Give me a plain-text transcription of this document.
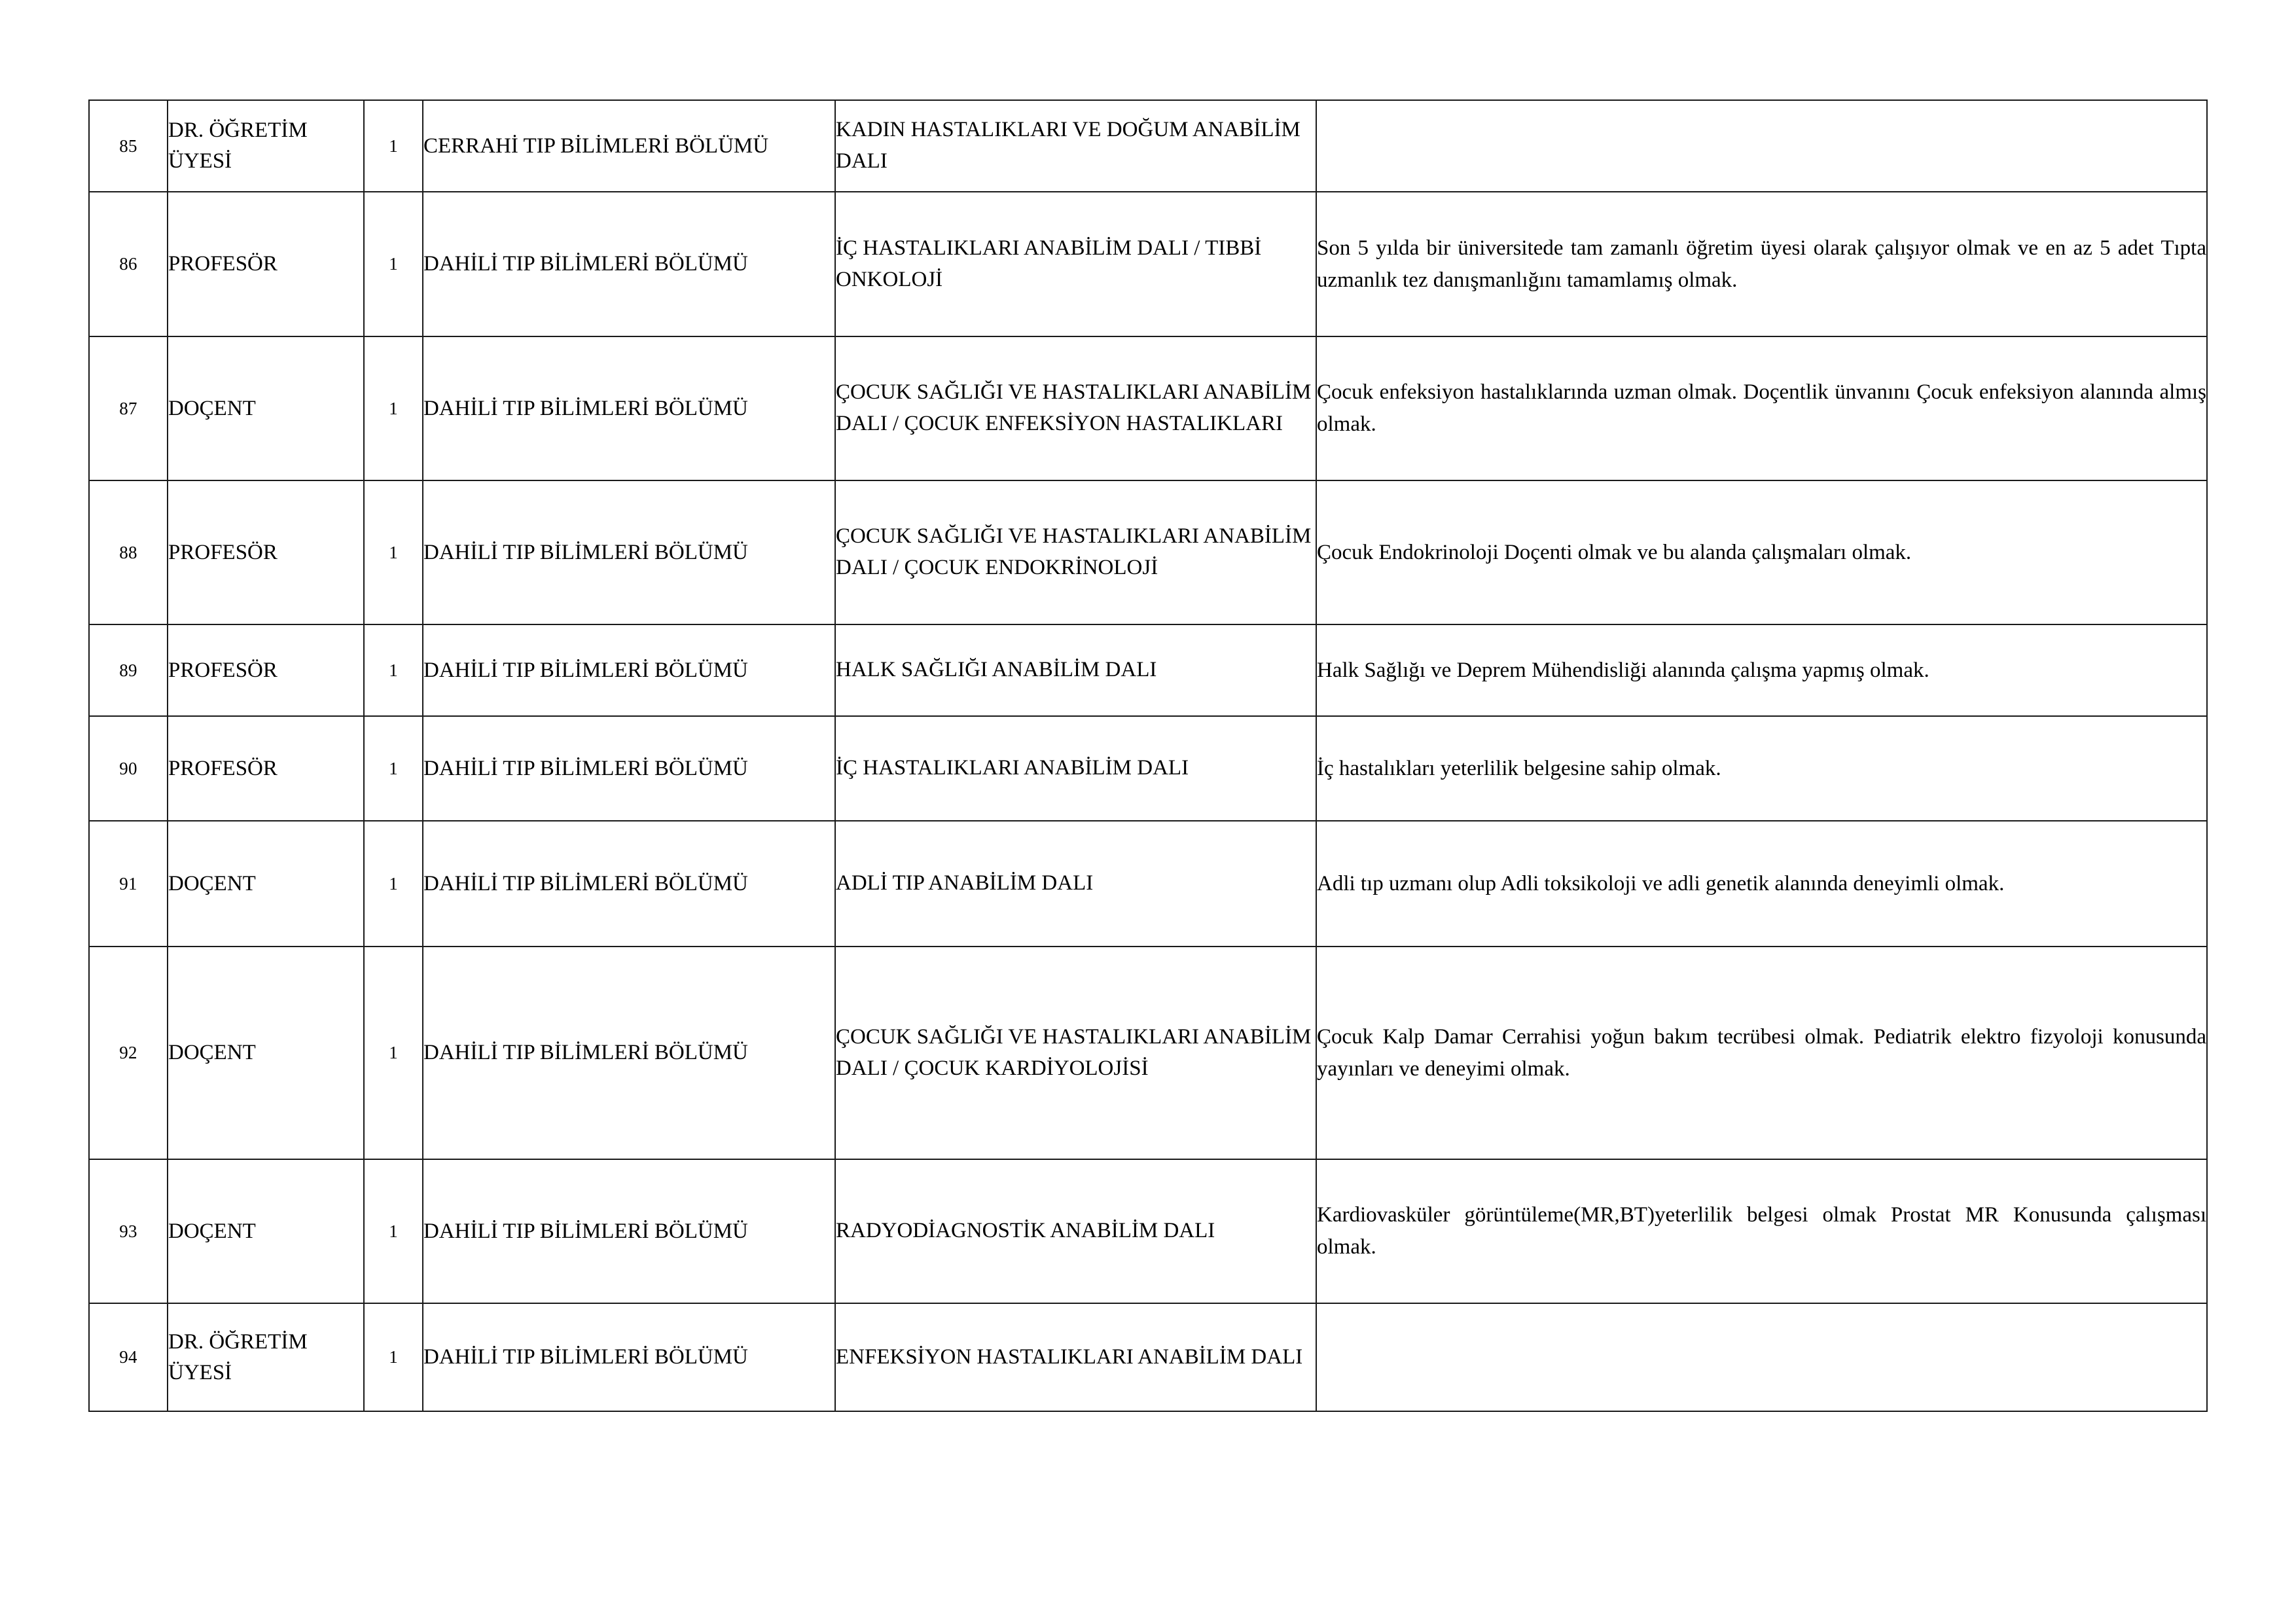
85	DR. ÖĞRETİM ÜYESİ	1	CERRAHİ TIP BİLİMLERİ BÖLÜMÜ	KADIN HASTALIKLARI VE DOĞUM ANABİLİM DALI	
86	PROFESÖR	1	DAHİLİ TIP BİLİMLERİ BÖLÜMÜ	İÇ HASTALIKLARI ANABİLİM DALI / TIBBİ ONKOLOJİ	Son 5 yılda bir üniversitede tam zamanlı öğretim üyesi olarak çalışıyor olmak ve en az 5 adet Tıpta uzmanlık tez danışmanlığını tamamlamış olmak.
87	DOÇENT	1	DAHİLİ TIP BİLİMLERİ BÖLÜMÜ	ÇOCUK SAĞLIĞI VE HASTALIKLARI ANABİLİM DALI / ÇOCUK ENFEKSİYON HASTALIKLARI	Çocuk enfeksiyon hastalıklarında uzman olmak. Doçentlik ünvanını Çocuk enfeksiyon alanında almış olmak.
88	PROFESÖR	1	DAHİLİ TIP BİLİMLERİ BÖLÜMÜ	ÇOCUK SAĞLIĞI VE HASTALIKLARI ANABİLİM DALI / ÇOCUK ENDOKRİNOLOJİ	Çocuk Endokrinoloji Doçenti olmak ve bu alanda çalışmaları olmak.
89	PROFESÖR	1	DAHİLİ TIP BİLİMLERİ BÖLÜMÜ	HALK SAĞLIĞI ANABİLİM DALI	Halk Sağlığı ve Deprem Mühendisliği alanında çalışma yapmış olmak.
90	PROFESÖR	1	DAHİLİ TIP BİLİMLERİ BÖLÜMÜ	İÇ HASTALIKLARI ANABİLİM DALI	İç hastalıkları yeterlilik belgesine sahip olmak.
91	DOÇENT	1	DAHİLİ TIP BİLİMLERİ BÖLÜMÜ	ADLİ TIP ANABİLİM DALI	Adli tıp uzmanı olup Adli toksikoloji ve adli genetik alanında deneyimli olmak.
92	DOÇENT	1	DAHİLİ TIP BİLİMLERİ BÖLÜMÜ	ÇOCUK SAĞLIĞI VE HASTALIKLARI ANABİLİM DALI / ÇOCUK KARDİYOLOJİSİ	Çocuk Kalp Damar Cerrahisi yoğun bakım tecrübesi olmak. Pediatrik elektro fizyoloji konusunda yayınları ve deneyimi olmak.
93	DOÇENT	1	DAHİLİ TIP BİLİMLERİ BÖLÜMÜ	RADYODİAGNOSTİK ANABİLİM DALI	Kardiovasküler görüntüleme(MR,BT)yeterlilik belgesi olmak Prostat MR Konusunda çalışması olmak.
94	DR. ÖĞRETİM ÜYESİ	1	DAHİLİ TIP BİLİMLERİ BÖLÜMÜ	ENFEKSİYON HASTALIKLARI ANABİLİM DALI	
